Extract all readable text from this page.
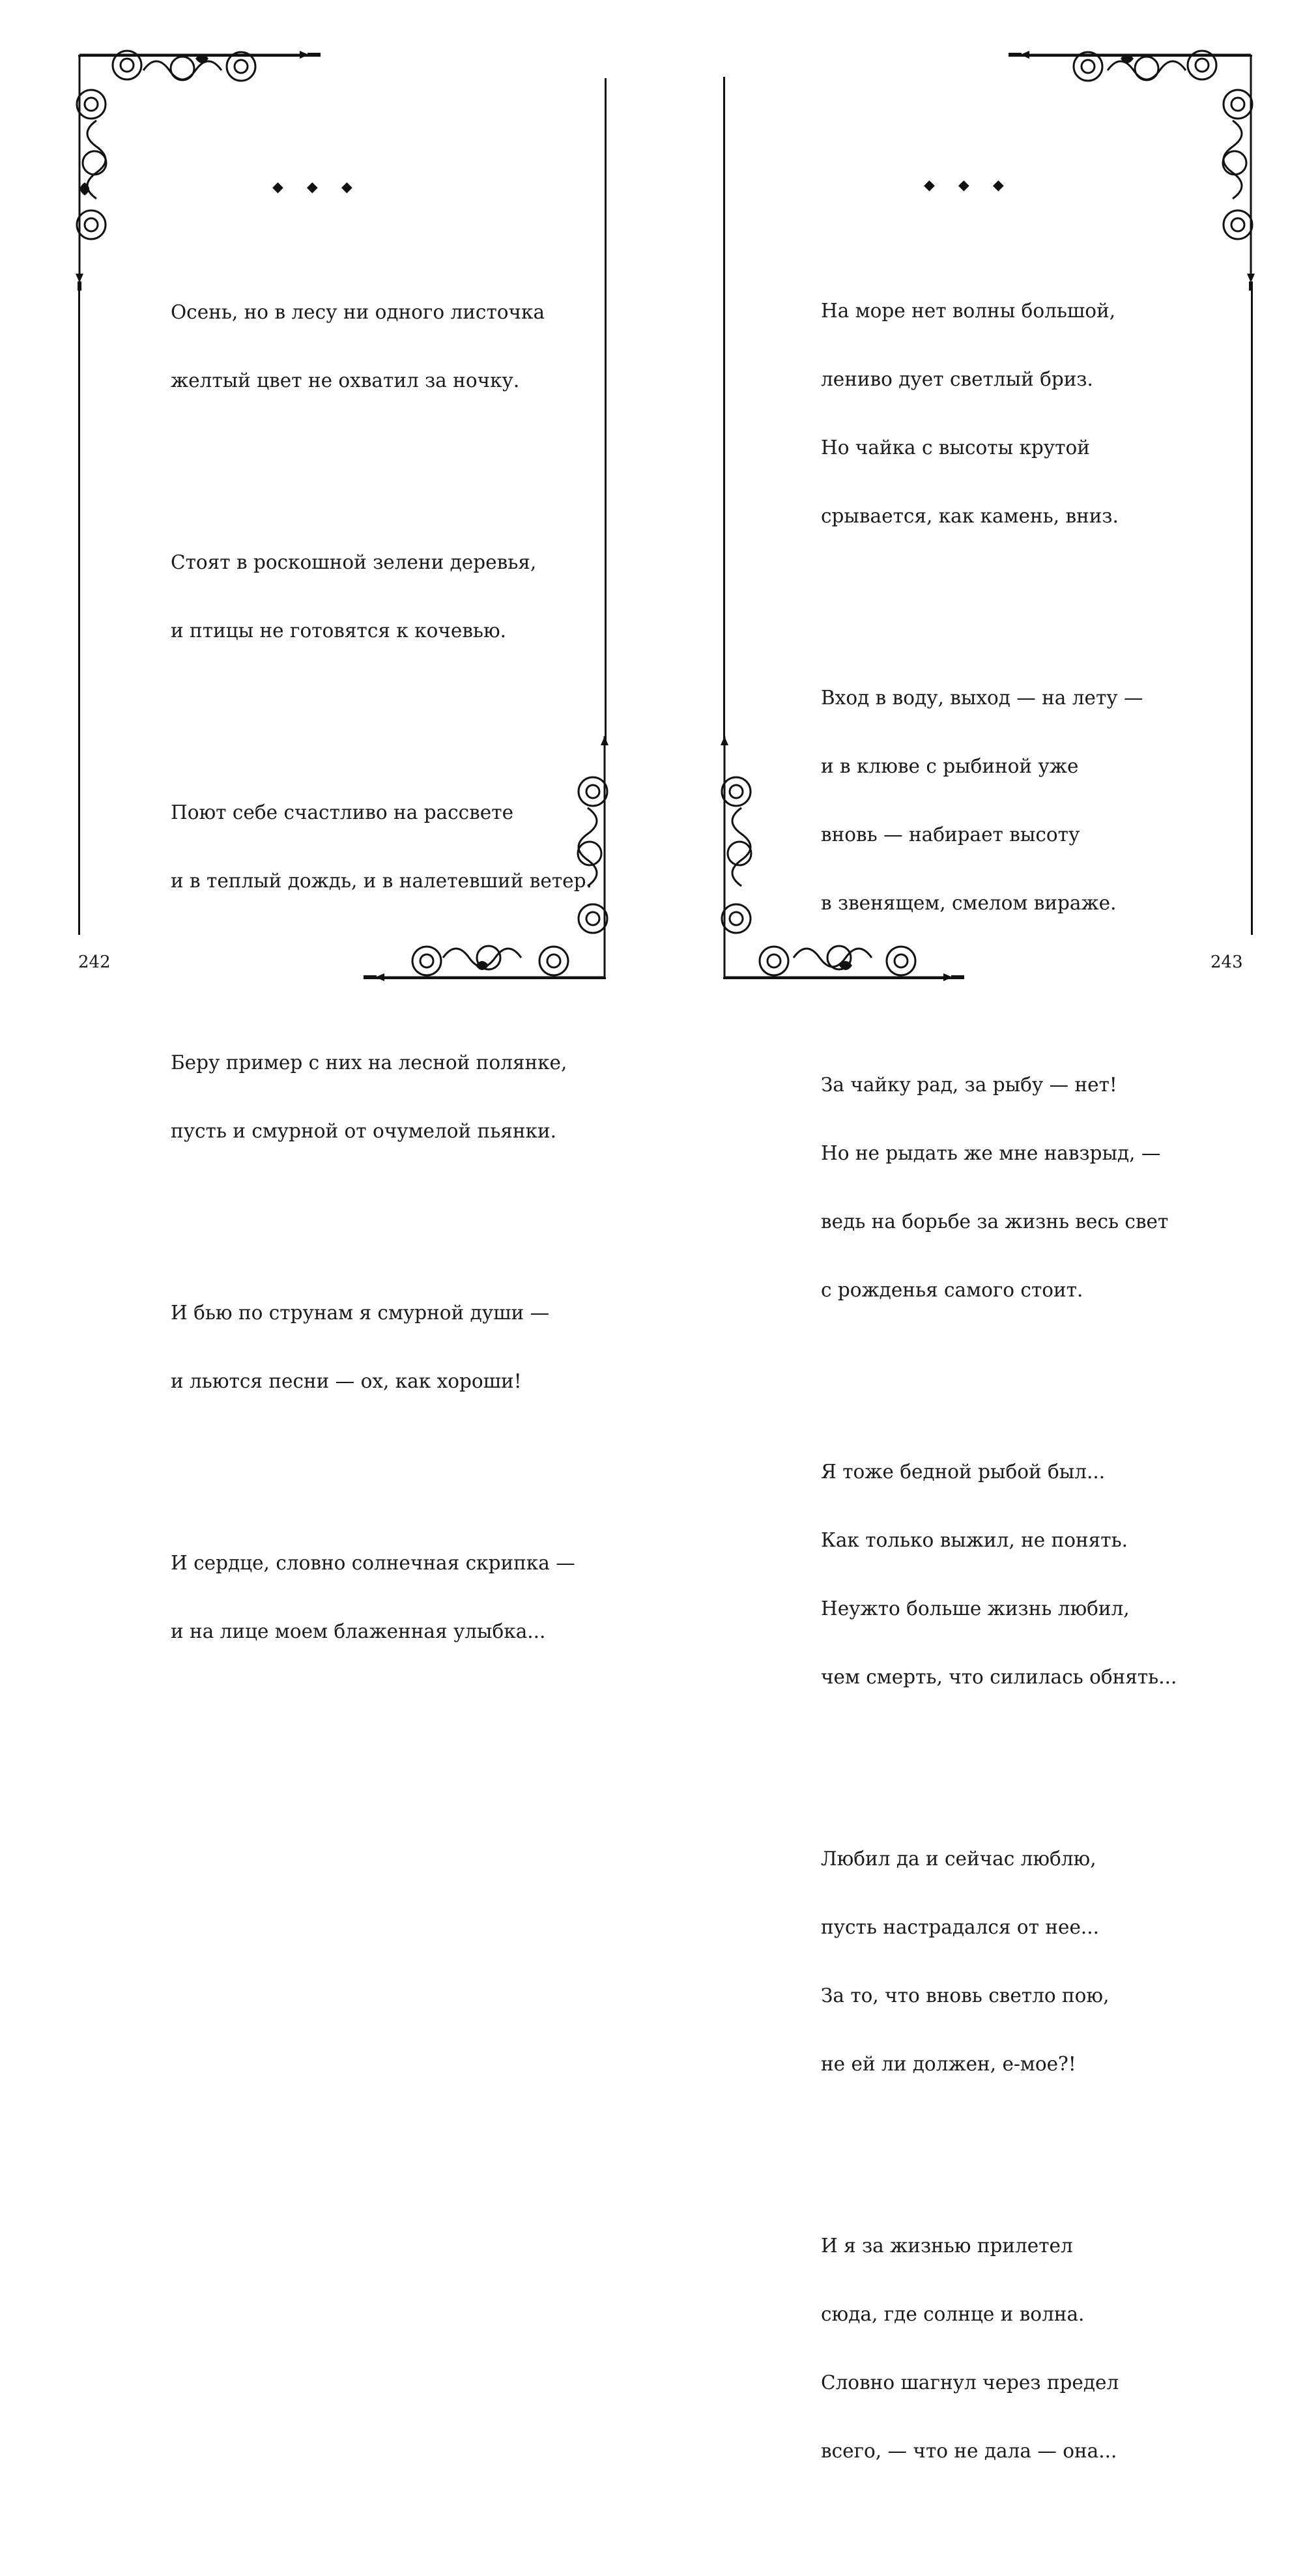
◆ ◆ ◆

Осень, но в лесу ни одного листочка

желтый цвет не охватил за ночку.

Стоят в роскошной зелени деревья,

и птицы не готовятся к кочевью.

Поют себе счастливо на рассвете

и в теплый дождь, и в налетевший ветер.

Беру пример с них на лесной полянке,

пусть и смурной от очумелой пьянки.

И бью по струнам я смурной души —

и льются песни — ох, как хороши!

И сердце, словно солнечная скрипка —

и на лице моем блаженная улыбка...

242
◆ ◆ ◆

На море нет волны большой,

лениво дует светлый бриз.

Но чайка с высоты крутой

срывается, как камень, вниз.

Вход в воду, выход — на лету —

и в клюве с рыбиной уже

вновь — набирает высоту

в звенящем, смелом вираже.

За чайку рад, за рыбу — нет!

Но не рыдать же мне навзрыд, —

ведь на борьбе за жизнь весь свет

с рожденья самого стоит.

Я тоже бедной рыбой был...

Как только выжил, не понять.

Неужто больше жизнь любил,

чем смерть, что силилась обнять...

Любил да и сейчас люблю,

пусть настрадался от нее...

За то, что вновь светло пою,

не ей ли должен, е-мое?!

И я за жизнью прилетел

сюда, где солнце и волна.

Словно шагнул через предел

всего, — что не дала — она...

243
